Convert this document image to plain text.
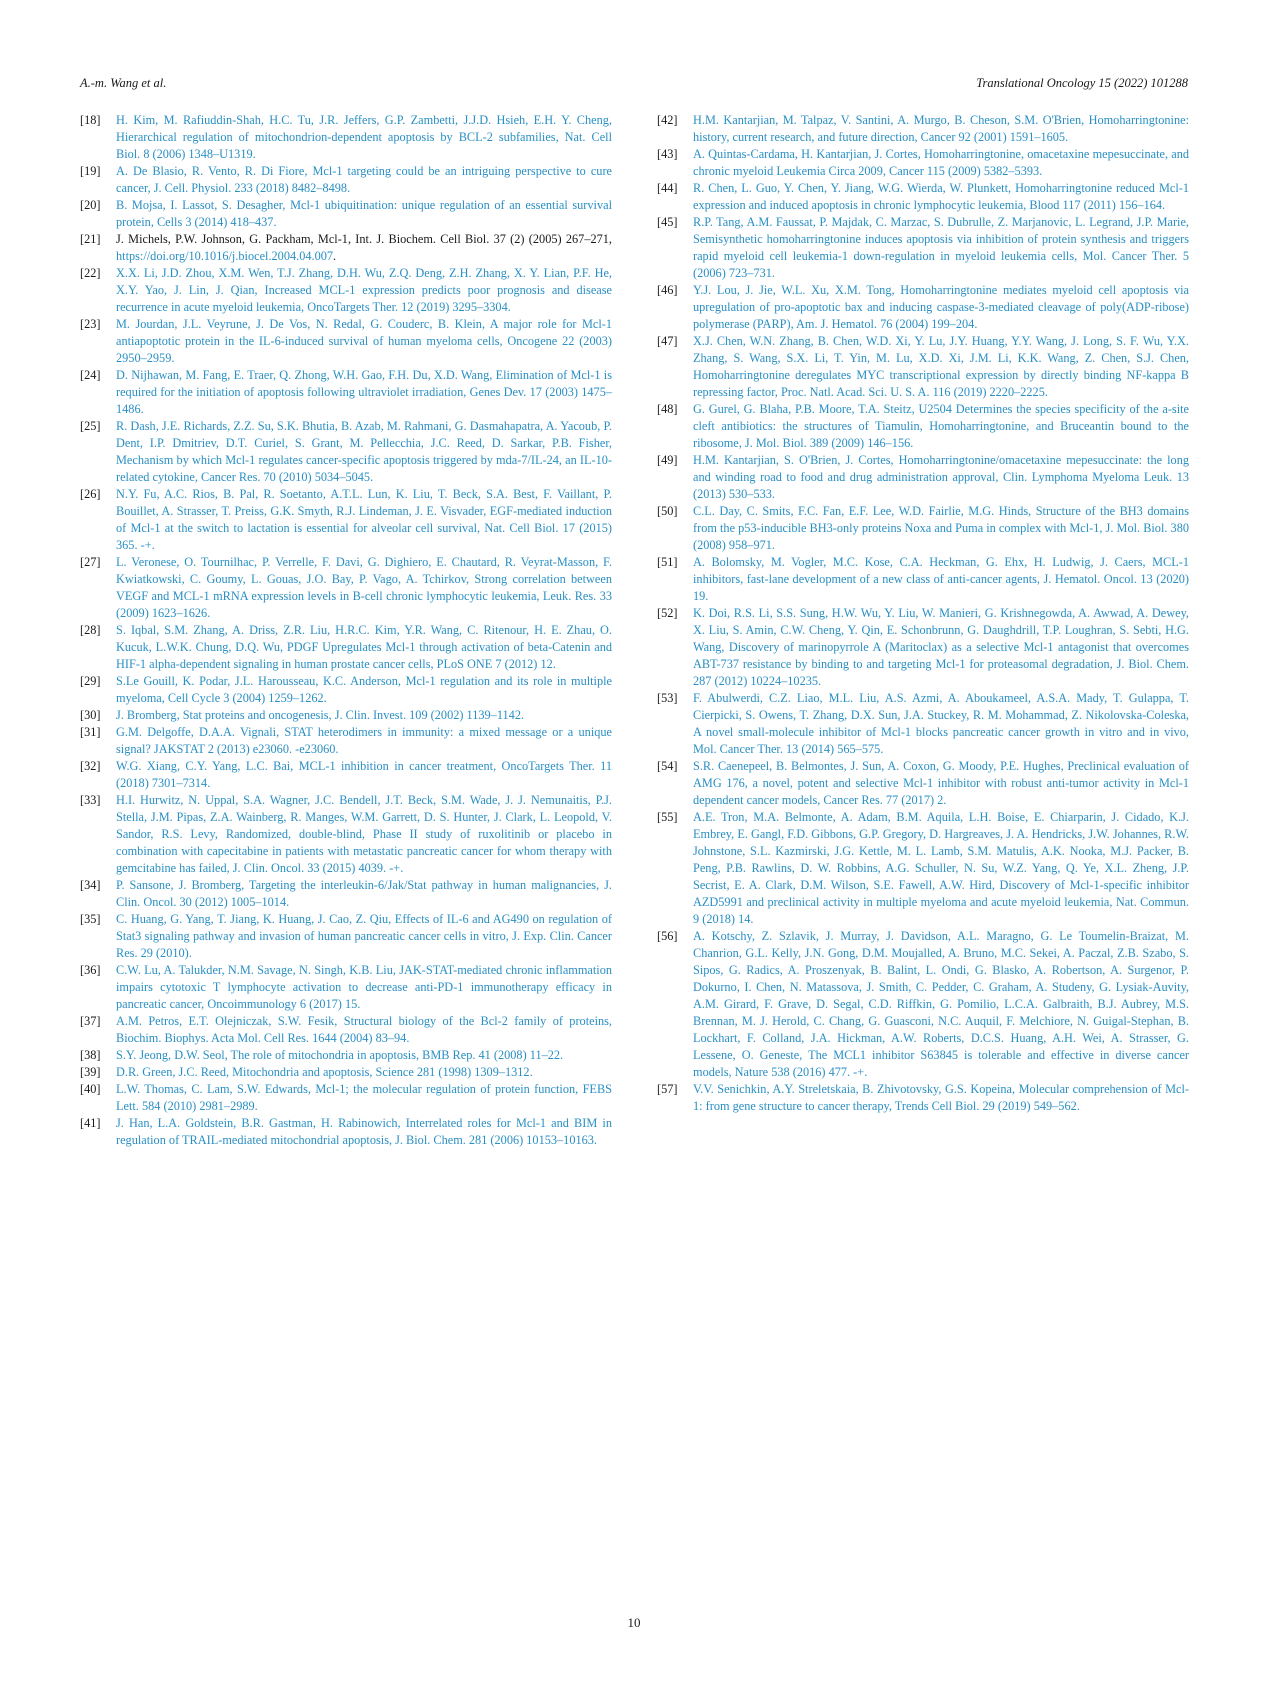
A.-m. Wang et al.	Translational Oncology 15 (2022) 101288
[18]	H. Kim, M. Rafiuddin-Shah, H.C. Tu, J.R. Jeffers, G.P. Zambetti, J.J.D. Hsieh, E.H. Y. Cheng, Hierarchical regulation of mitochondrion-dependent apoptosis by BCL-2 subfamilies, Nat. Cell Biol. 8 (2006) 1348–U1319.
[19]	A. De Blasio, R. Vento, R. Di Fiore, Mcl-1 targeting could be an intriguing perspective to cure cancer, J. Cell. Physiol. 233 (2018) 8482–8498.
[20]	B. Mojsa, I. Lassot, S. Desagher, Mcl-1 ubiquitination: unique regulation of an essential survival protein, Cells 3 (2014) 418–437.
[21]	J. Michels, P.W. Johnson, G. Packham, Mcl-1, Int. J. Biochem. Cell Biol. 37 (2) (2005) 267–271, https://doi.org/10.1016/j.biocel.2004.04.007.
[22]	X.X. Li, J.D. Zhou, X.M. Wen, T.J. Zhang, D.H. Wu, Z.Q. Deng, Z.H. Zhang, X. Y. Lian, P.F. He, X.Y. Yao, J. Lin, J. Qian, Increased MCL-1 expression predicts poor prognosis and disease recurrence in acute myeloid leukemia, OncoTargets Ther. 12 (2019) 3295–3304.
[23]	M. Jourdan, J.L. Veyrune, J. De Vos, N. Redal, G. Couderc, B. Klein, A major role for Mcl-1 antiapoptotic protein in the IL-6-induced survival of human myeloma cells, Oncogene 22 (2003) 2950–2959.
[24]	D. Nijhawan, M. Fang, E. Traer, Q. Zhong, W.H. Gao, F.H. Du, X.D. Wang, Elimination of Mcl-1 is required for the initiation of apoptosis following ultraviolet irradiation, Genes Dev. 17 (2003) 1475–1486.
[25]	R. Dash, J.E. Richards, Z.Z. Su, S.K. Bhutia, B. Azab, M. Rahmani, G. Dasmahapatra, A. Yacoub, P. Dent, I.P. Dmitriev, D.T. Curiel, S. Grant, M. Pellecchia, J.C. Reed, D. Sarkar, P.B. Fisher, Mechanism by which Mcl-1 regulates cancer-specific apoptosis triggered by mda-7/IL-24, an IL-10-related cytokine, Cancer Res. 70 (2010) 5034–5045.
[26]	N.Y. Fu, A.C. Rios, B. Pal, R. Soetanto, A.T.L. Lun, K. Liu, T. Beck, S.A. Best, F. Vaillant, P. Bouillet, A. Strasser, T. Preiss, G.K. Smyth, R.J. Lindeman, J. E. Visvader, EGF-mediated induction of Mcl-1 at the switch to lactation is essential for alveolar cell survival, Nat. Cell Biol. 17 (2015) 365. -+.
[27]	L. Veronese, O. Tournilhac, P. Verrelle, F. Davi, G. Dighiero, E. Chautard, R. Veyrat-Masson, F. Kwiatkowski, C. Goumy, L. Gouas, J.O. Bay, P. Vago, A. Tchirkov, Strong correlation between VEGF and MCL-1 mRNA expression levels in B-cell chronic lymphocytic leukemia, Leuk. Res. 33 (2009) 1623–1626.
[28]	S. Iqbal, S.M. Zhang, A. Driss, Z.R. Liu, H.R.C. Kim, Y.R. Wang, C. Ritenour, H. E. Zhau, O. Kucuk, L.W.K. Chung, D.Q. Wu, PDGF Upregulates Mcl-1 through activation of beta-Catenin and HIF-1 alpha-dependent signaling in human prostate cancer cells, PLoS ONE 7 (2012) 12.
[29]	S.Le Gouill, K. Podar, J.L. Harousseau, K.C. Anderson, Mcl-1 regulation and its role in multiple myeloma, Cell Cycle 3 (2004) 1259–1262.
[30]	J. Bromberg, Stat proteins and oncogenesis, J. Clin. Invest. 109 (2002) 1139–1142.
[31]	G.M. Delgoffe, D.A.A. Vignali, STAT heterodimers in immunity: a mixed message or a unique signal? JAKSTAT 2 (2013) e23060. -e23060.
[32]	W.G. Xiang, C.Y. Yang, L.C. Bai, MCL-1 inhibition in cancer treatment, OncoTargets Ther. 11 (2018) 7301–7314.
[33]	H.I. Hurwitz, N. Uppal, S.A. Wagner, J.C. Bendell, J.T. Beck, S.M. Wade, J. J. Nemunaitis, P.J. Stella, J.M. Pipas, Z.A. Wainberg, R. Manges, W.M. Garrett, D. S. Hunter, J. Clark, L. Leopold, V. Sandor, R.S. Levy, Randomized, double-blind, Phase II study of ruxolitinib or placebo in combination with capecitabine in patients with metastatic pancreatic cancer for whom therapy with gemcitabine has failed, J. Clin. Oncol. 33 (2015) 4039. -+.
[34]	P. Sansone, J. Bromberg, Targeting the interleukin-6/Jak/Stat pathway in human malignancies, J. Clin. Oncol. 30 (2012) 1005–1014.
[35]	C. Huang, G. Yang, T. Jiang, K. Huang, J. Cao, Z. Qiu, Effects of IL-6 and AG490 on regulation of Stat3 signaling pathway and invasion of human pancreatic cancer cells in vitro, J. Exp. Clin. Cancer Res. 29 (2010).
[36]	C.W. Lu, A. Talukder, N.M. Savage, N. Singh, K.B. Liu, JAK-STAT-mediated chronic inflammation impairs cytotoxic T lymphocyte activation to decrease anti-PD-1 immunotherapy efficacy in pancreatic cancer, Oncoimmunology 6 (2017) 15.
[37]	A.M. Petros, E.T. Olejniczak, S.W. Fesik, Structural biology of the Bcl-2 family of proteins, Biochim. Biophys. Acta Mol. Cell Res. 1644 (2004) 83–94.
[38]	S.Y. Jeong, D.W. Seol, The role of mitochondria in apoptosis, BMB Rep. 41 (2008) 11–22.
[39]	D.R. Green, J.C. Reed, Mitochondria and apoptosis, Science 281 (1998) 1309–1312.
[40]	L.W. Thomas, C. Lam, S.W. Edwards, Mcl-1; the molecular regulation of protein function, FEBS Lett. 584 (2010) 2981–2989.
[41]	J. Han, L.A. Goldstein, B.R. Gastman, H. Rabinowich, Interrelated roles for Mcl-1 and BIM in regulation of TRAIL-mediated mitochondrial apoptosis, J. Biol. Chem. 281 (2006) 10153–10163.
[42]	H.M. Kantarjian, M. Talpaz, V. Santini, A. Murgo, B. Cheson, S.M. O'Brien, Homoharringtonine: history, current research, and future direction, Cancer 92 (2001) 1591–1605.
[43]	A. Quintas-Cardama, H. Kantarjian, J. Cortes, Homoharringtonine, omacetaxine mepesuccinate, and chronic myeloid Leukemia Circa 2009, Cancer 115 (2009) 5382–5393.
[44]	R. Chen, L. Guo, Y. Chen, Y. Jiang, W.G. Wierda, W. Plunkett, Homoharringtonine reduced Mcl-1 expression and induced apoptosis in chronic lymphocytic leukemia, Blood 117 (2011) 156–164.
[45]	R.P. Tang, A.M. Faussat, P. Majdak, C. Marzac, S. Dubrulle, Z. Marjanovic, L. Legrand, J.P. Marie, Semisynthetic homoharringtonine induces apoptosis via inhibition of protein synthesis and triggers rapid myeloid cell leukemia-1 down-regulation in myeloid leukemia cells, Mol. Cancer Ther. 5 (2006) 723–731.
[46]	Y.J. Lou, J. Jie, W.L. Xu, X.M. Tong, Homoharringtonine mediates myeloid cell apoptosis via upregulation of pro-apoptotic bax and inducing caspase-3-mediated cleavage of poly(ADP-ribose) polymerase (PARP), Am. J. Hematol. 76 (2004) 199–204.
[47]	X.J. Chen, W.N. Zhang, B. Chen, W.D. Xi, Y. Lu, J.Y. Huang, Y.Y. Wang, J. Long, S. F. Wu, Y.X. Zhang, S. Wang, S.X. Li, T. Yin, M. Lu, X.D. Xi, J.M. Li, K.K. Wang, Z. Chen, S.J. Chen, Homoharringtonine deregulates MYC transcriptional expression by directly binding NF-kappa B repressing factor, Proc. Natl. Acad. Sci. U. S. A. 116 (2019) 2220–2225.
[48]	G. Gurel, G. Blaha, P.B. Moore, T.A. Steitz, U2504 Determines the species specificity of the a-site cleft antibiotics: the structures of Tiamulin, Homoharringtonine, and Bruceantin bound to the ribosome, J. Mol. Biol. 389 (2009) 146–156.
[49]	H.M. Kantarjian, S. O'Brien, J. Cortes, Homoharringtonine/omacetaxine mepesuccinate: the long and winding road to food and drug administration approval, Clin. Lymphoma Myeloma Leuk. 13 (2013) 530–533.
[50]	C.L. Day, C. Smits, F.C. Fan, E.F. Lee, W.D. Fairlie, M.G. Hinds, Structure of the BH3 domains from the p53-inducible BH3-only proteins Noxa and Puma in complex with Mcl-1, J. Mol. Biol. 380 (2008) 958–971.
[51]	A. Bolomsky, M. Vogler, M.C. Kose, C.A. Heckman, G. Ehx, H. Ludwig, J. Caers, MCL-1 inhibitors, fast-lane development of a new class of anti-cancer agents, J. Hematol. Oncol. 13 (2020) 19.
[52]	K. Doi, R.S. Li, S.S. Sung, H.W. Wu, Y. Liu, W. Manieri, G. Krishnegowda, A. Awwad, A. Dewey, X. Liu, S. Amin, C.W. Cheng, Y. Qin, E. Schonbrunn, G. Daughdrill, T.P. Loughran, S. Sebti, H.G. Wang, Discovery of marinopyrrole A (Maritoclax) as a selective Mcl-1 antagonist that overcomes ABT-737 resistance by binding to and targeting Mcl-1 for proteasomal degradation, J. Biol. Chem. 287 (2012) 10224–10235.
[53]	F. Abulwerdi, C.Z. Liao, M.L. Liu, A.S. Azmi, A. Aboukameel, A.S.A. Mady, T. Gulappa, T. Cierpicki, S. Owens, T. Zhang, D.X. Sun, J.A. Stuckey, R. M. Mohammad, Z. Nikolovska-Coleska, A novel small-molecule inhibitor of Mcl-1 blocks pancreatic cancer growth in vitro and in vivo, Mol. Cancer Ther. 13 (2014) 565–575.
[54]	S.R. Caenepeel, B. Belmontes, J. Sun, A. Coxon, G. Moody, P.E. Hughes, Preclinical evaluation of AMG 176, a novel, potent and selective Mcl-1 inhibitor with robust anti-tumor activity in Mcl-1 dependent cancer models, Cancer Res. 77 (2017) 2.
[55]	A.E. Tron, M.A. Belmonte, A. Adam, B.M. Aquila, L.H. Boise, E. Chiarparin, J. Cidado, K.J. Embrey, E. Gangl, F.D. Gibbons, G.P. Gregory, D. Hargreaves, J. A. Hendricks, J.W. Johannes, R.W. Johnstone, S.L. Kazmirski, J.G. Kettle, M. L. Lamb, S.M. Matulis, A.K. Nooka, M.J. Packer, B. Peng, P.B. Rawlins, D. W. Robbins, A.G. Schuller, N. Su, W.Z. Yang, Q. Ye, X.L. Zheng, J.P. Secrist, E. A. Clark, D.M. Wilson, S.E. Fawell, A.W. Hird, Discovery of Mcl-1-specific inhibitor AZD5991 and preclinical activity in multiple myeloma and acute myeloid leukemia, Nat. Commun. 9 (2018) 14.
[56]	A. Kotschy, Z. Szlavik, J. Murray, J. Davidson, A.L. Maragno, G. Le Toumelin-Braizat, M. Chanrion, G.L. Kelly, J.N. Gong, D.M. Moujalled, A. Bruno, M.C. Sekei, A. Paczal, Z.B. Szabo, S. Sipos, G. Radics, A. Proszenyak, B. Balint, L. Ondi, G. Blasko, A. Robertson, A. Surgenor, P. Dokurno, I. Chen, N. Matassova, J. Smith, C. Pedder, C. Graham, A. Studeny, G. Lysiak-Auvity, A.M. Girard, F. Grave, D. Segal, C.D. Riffkin, G. Pomilio, L.C.A. Galbraith, B.J. Aubrey, M.S. Brennan, M. J. Herold, C. Chang, G. Guasconi, N.C. Auquil, F. Melchiore, N. Guigal-Stephan, B. Lockhart, F. Colland, J.A. Hickman, A.W. Roberts, D.C.S. Huang, A.H. Wei, A. Strasser, G. Lessene, O. Geneste, The MCL1 inhibitor S63845 is tolerable and effective in diverse cancer models, Nature 538 (2016) 477. -+.
[57]	V.V. Senichkin, A.Y. Streletskaia, B. Zhivotovsky, G.S. Kopeina, Molecular comprehension of Mcl-1: from gene structure to cancer therapy, Trends Cell Biol. 29 (2019) 549–562.
10
